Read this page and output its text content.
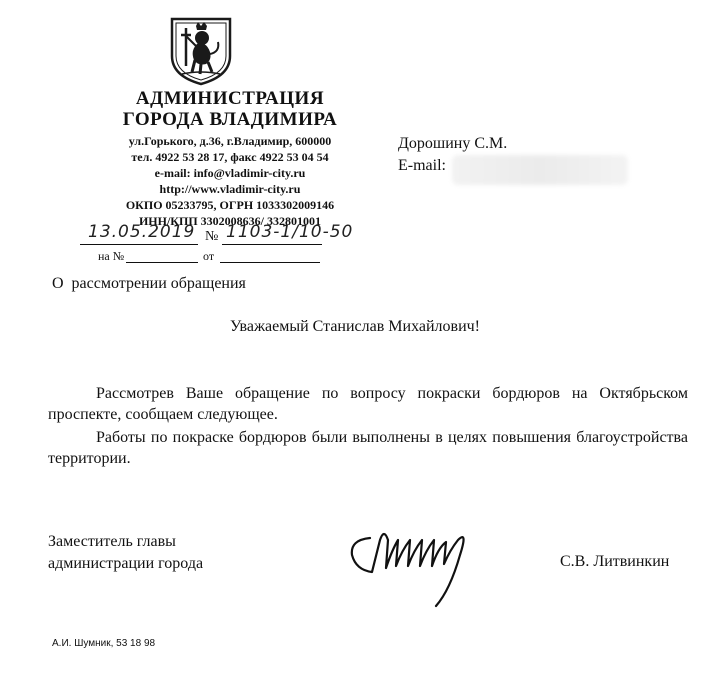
АДМИНИСТРАЦИЯ
ГОРОДА ВЛАДИМИРА
ул.Горького, д.36, г.Владимир, 600000
тел. 4922 53 28 17, факс 4922 53 04 54
e-mail: info@vladimir-city.ru
http://www.vladimir-city.ru
ОКПО 05233795, ОГРН 1033302009146
ИНН/КПП 3302008636/ 332801001
13.05.2019 № 1103-1/10-50
на №	от
Дорошину С.М.
E-mail:
О  рассмотрении обращения
Уважаемый Станислав Михайлович!
Рассмотрев Ваше обращение по вопросу покраски бордюров на Октябрьском проспекте, сообщаем следующее.
Работы по покраске бордюров были выполнены в целях повышения благоустройства территории.
Заместитель главы
администрации города	С.В. Литвинкин
А.И. Шумник, 53 18 98
